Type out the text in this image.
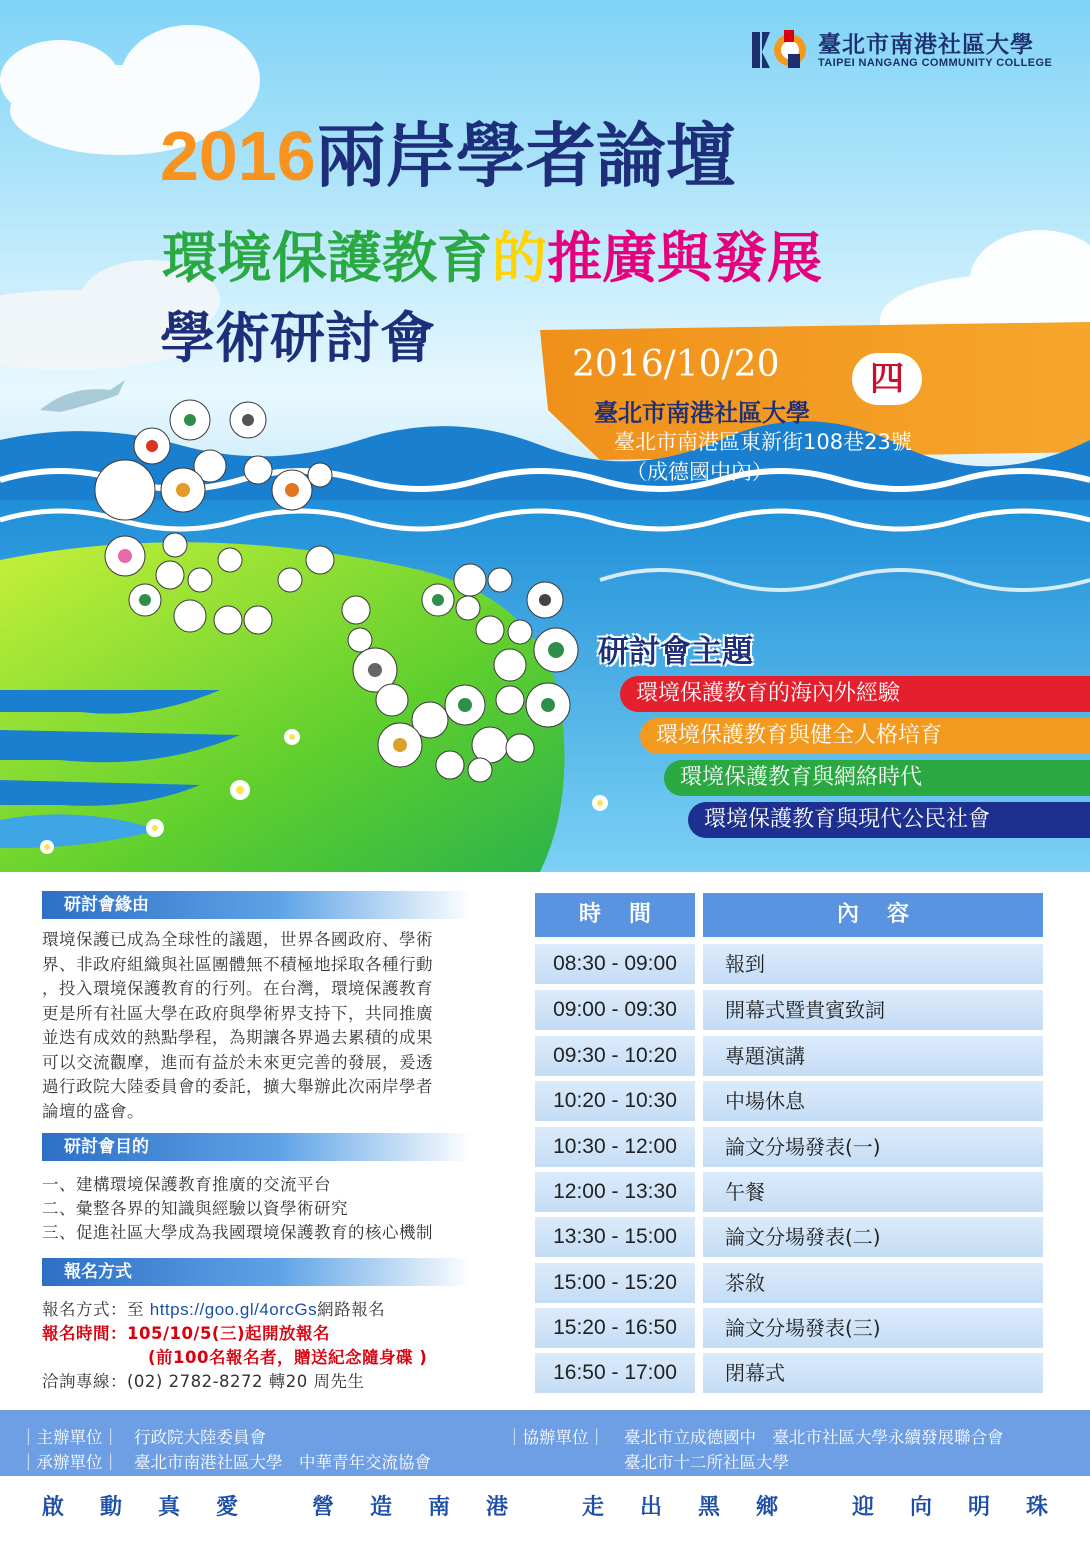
臺北市南港社區大學
TAIPEI NANGANG COMMUNITY COLLEGE
2016兩岸學者論壇
環境保護教育的推廣與發展
學術研討會	2016/10/20	四
臺北市南港社區大學
臺北市南港區東新街108巷23號
（成德國中內）
研討會主題
環境保護教育的海內外經驗
環境保護教育與健全人格培育
環境保護教育與網絡時代
環境保護教育與現代公民社會
研討會緣由
環境保護已成為全球性的議題，世界各國政府、學術
界、非政府組織與社區團體無不積極地採取各種行動
，投入環境保護教育的行列。在台灣，環境保護教育
更是所有社區大學在政府與學術界支持下，共同推廣
並迭有成效的熱點學程，為期讓各界過去累積的成果
可以交流觀摩，進而有益於未來更完善的發展，爰透
過行政院大陸委員會的委託，擴大舉辦此次兩岸學者
論壇的盛會。
研討會目的
一、建構環境保護教育推廣的交流平台
二、彙整各界的知識與經驗以資學術研究
三、促進社區大學成為我國環境保護教育的核心機制
報名方式
報名方式：至 https://goo.gl/4orcGs網路報名
報名時間：105/10/5(三)起開放報名
(前100名報名者，贈送紀念隨身碟 )
洽詢專線：(02) 2782-8272 轉20 周先生
時間	內容
08:30 - 09:00	報到
09:00 - 09:30	開幕式暨貴賓致詞
09:30 - 10:20	專題演講
10:20 - 10:30	中場休息
10:30 - 12:00	論文分場發表(一)
12:00 - 13:30	午餐
13:30 - 15:00	論文分場發表(二)
15:00 - 15:20	茶敘
15:20 - 16:50	論文分場發表(三)
16:50 - 17:00	閉幕式
｜主辦單位｜ 行政院大陸委員會
｜承辦單位｜ 臺北市南港社區大學　中華青年交流協會
｜協辦單位｜ 臺北市立成德國中　臺北市社區大學永續發展聯合會
臺北市十二所社區大學
啟動真愛 營造南港 走出黑鄉 迎向明珠
